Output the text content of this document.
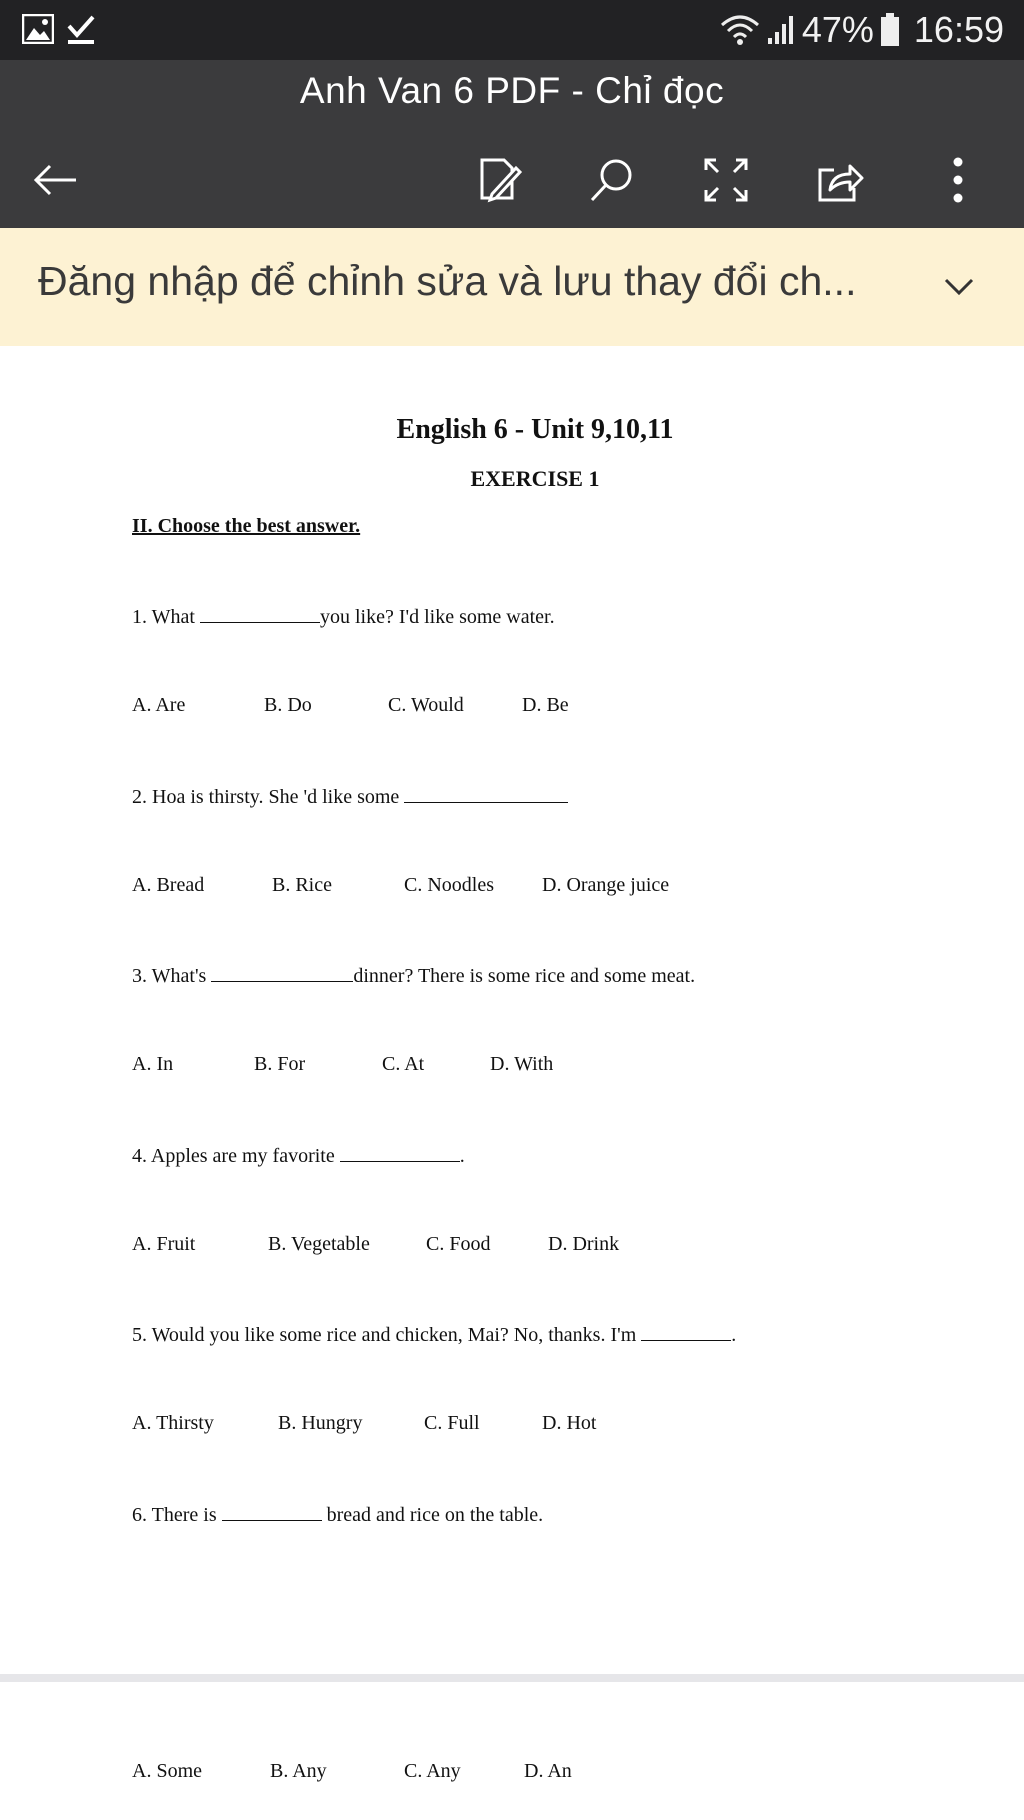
47% 16:59
Anh Van 6 PDF - Chỉ đọc
Đăng nhập để chỉnh sửa và lưu thay đổi ch...
English 6 - Unit 9,10,11
EXERCISE 1
II. Choose the best answer.
1. What	you like? I'd like some water.
A. Are	B. Do	C. Would	D. Be
2. Hoa is thirsty. She 'd like some
A. Bread	B. Rice	C. Noodles D. Orange juice
3. What's	dinner? There is some rice and some meat.
A. In	B. For	C. At	D. With
4. Apples are my favorite	.
A. Fruit	B. Vegetable	C. Food	D. Drink
5. Would you like some rice and chicken, Mai? No, thanks. I'm	.
A. Thirsty	B. Hungry	C. Full	D. Hot
6. There is	bread and rice on the table.
A. Some	B. Any	C. Any	D. An
